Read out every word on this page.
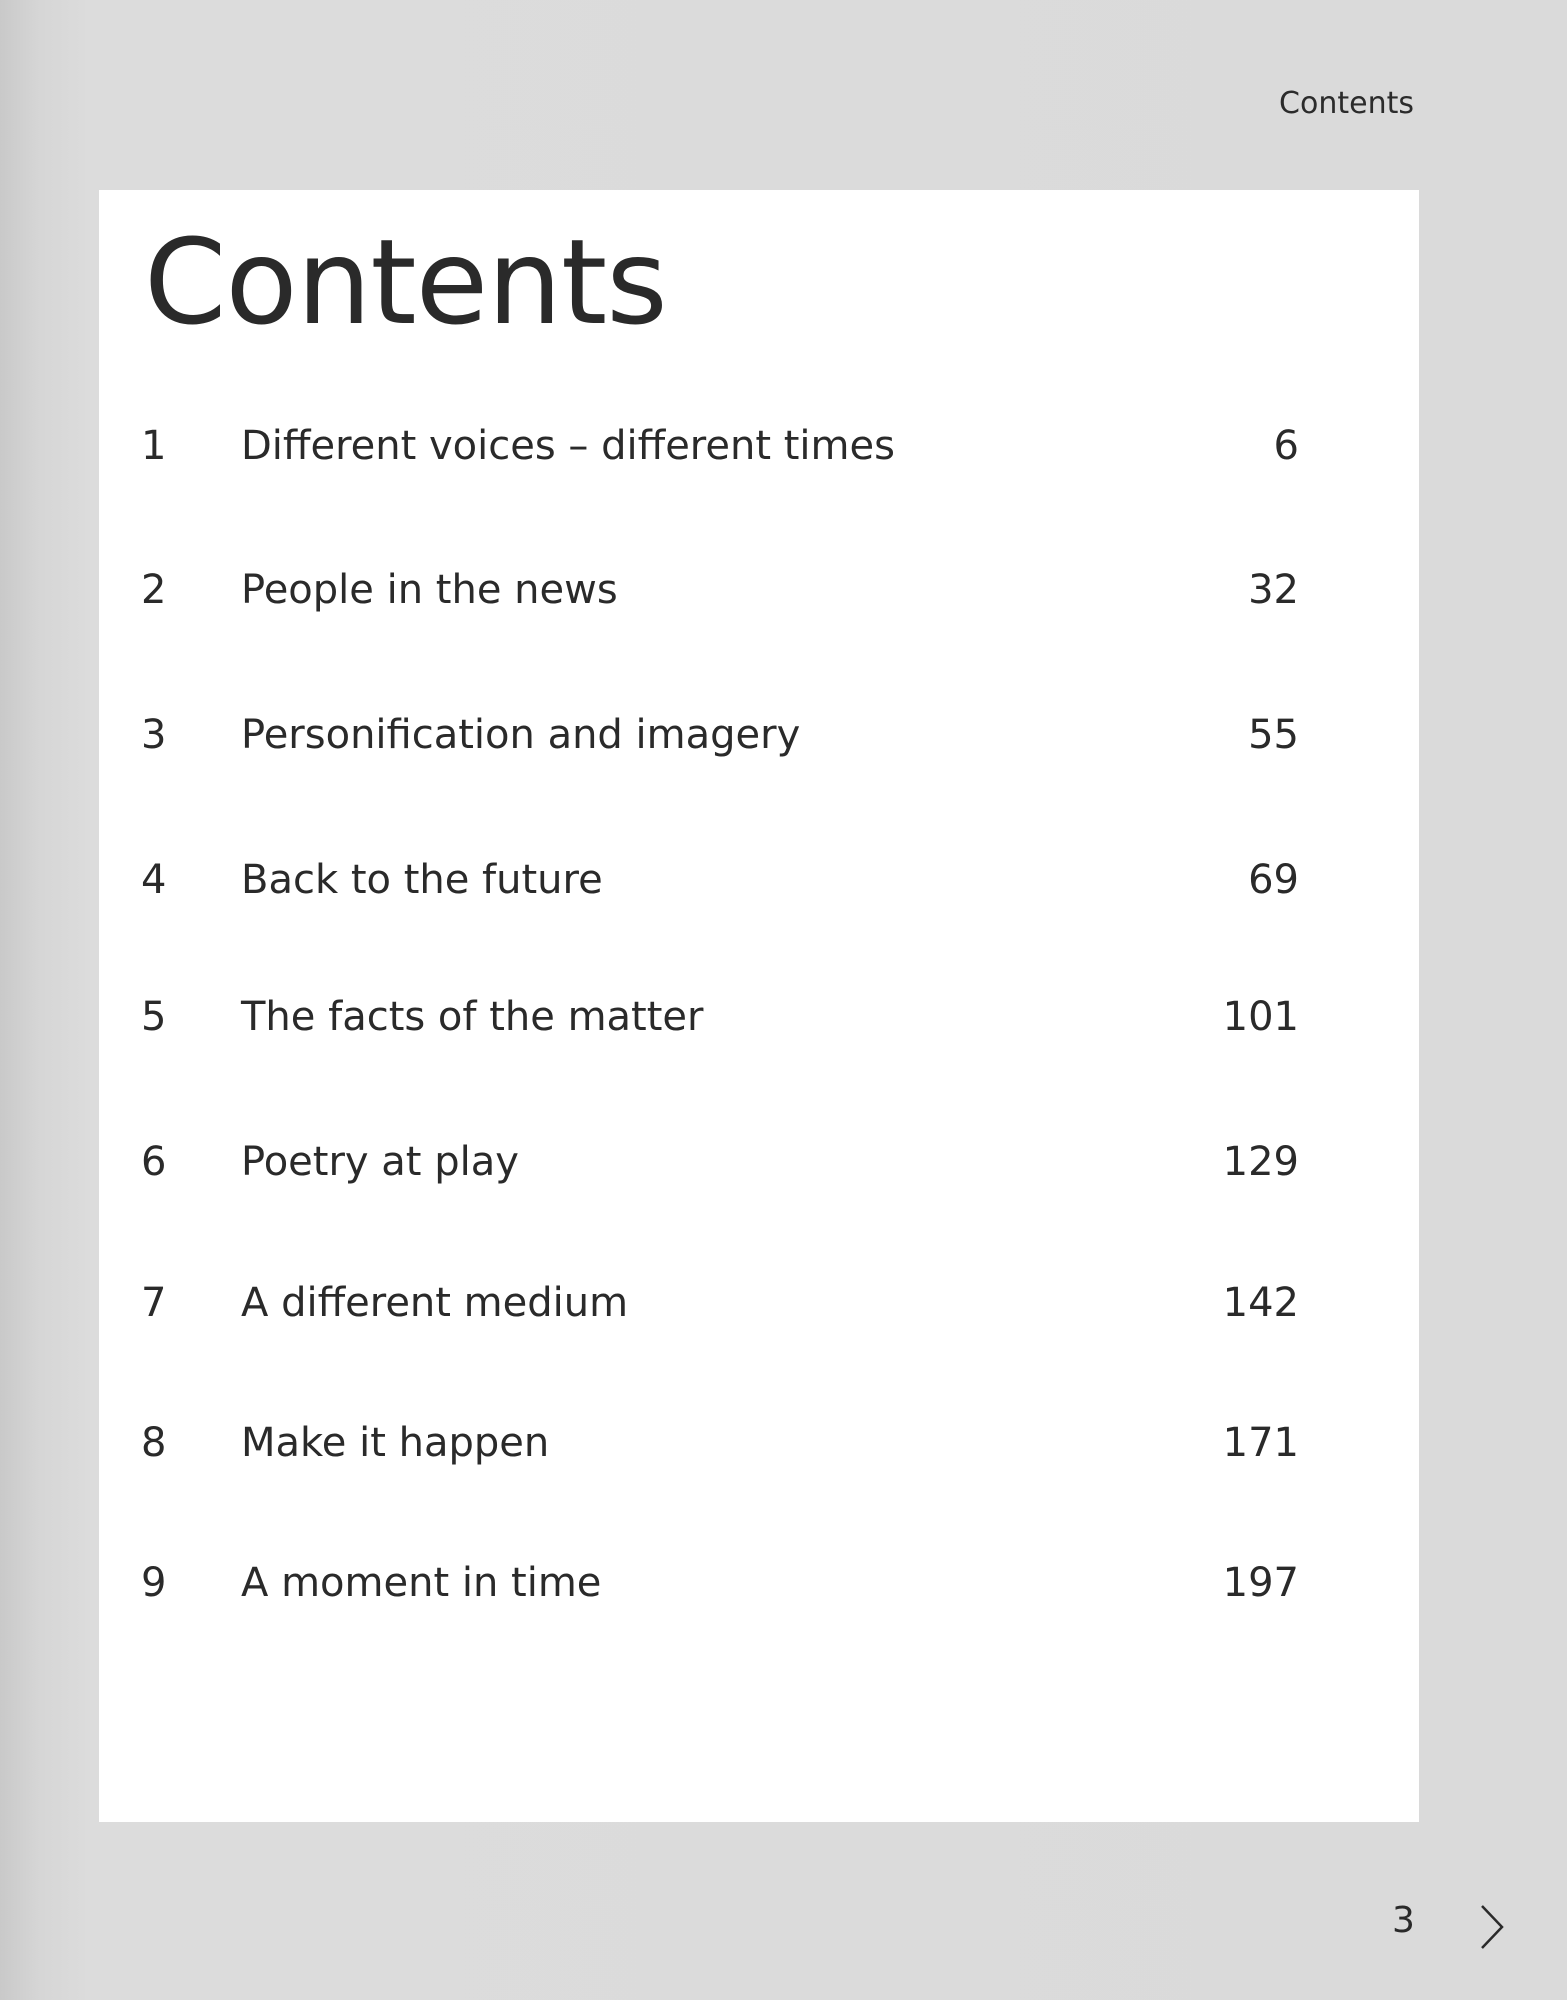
Contents
Contents
1 Different voices – different times	6
2 People in the news	32
3 Personification and imagery	55
4 Back to the future	69
5 The facts of the matter	101
6 Poetry at play	129
7 A different medium	142
8 Make it happen	171
9 A moment in time	197
3
